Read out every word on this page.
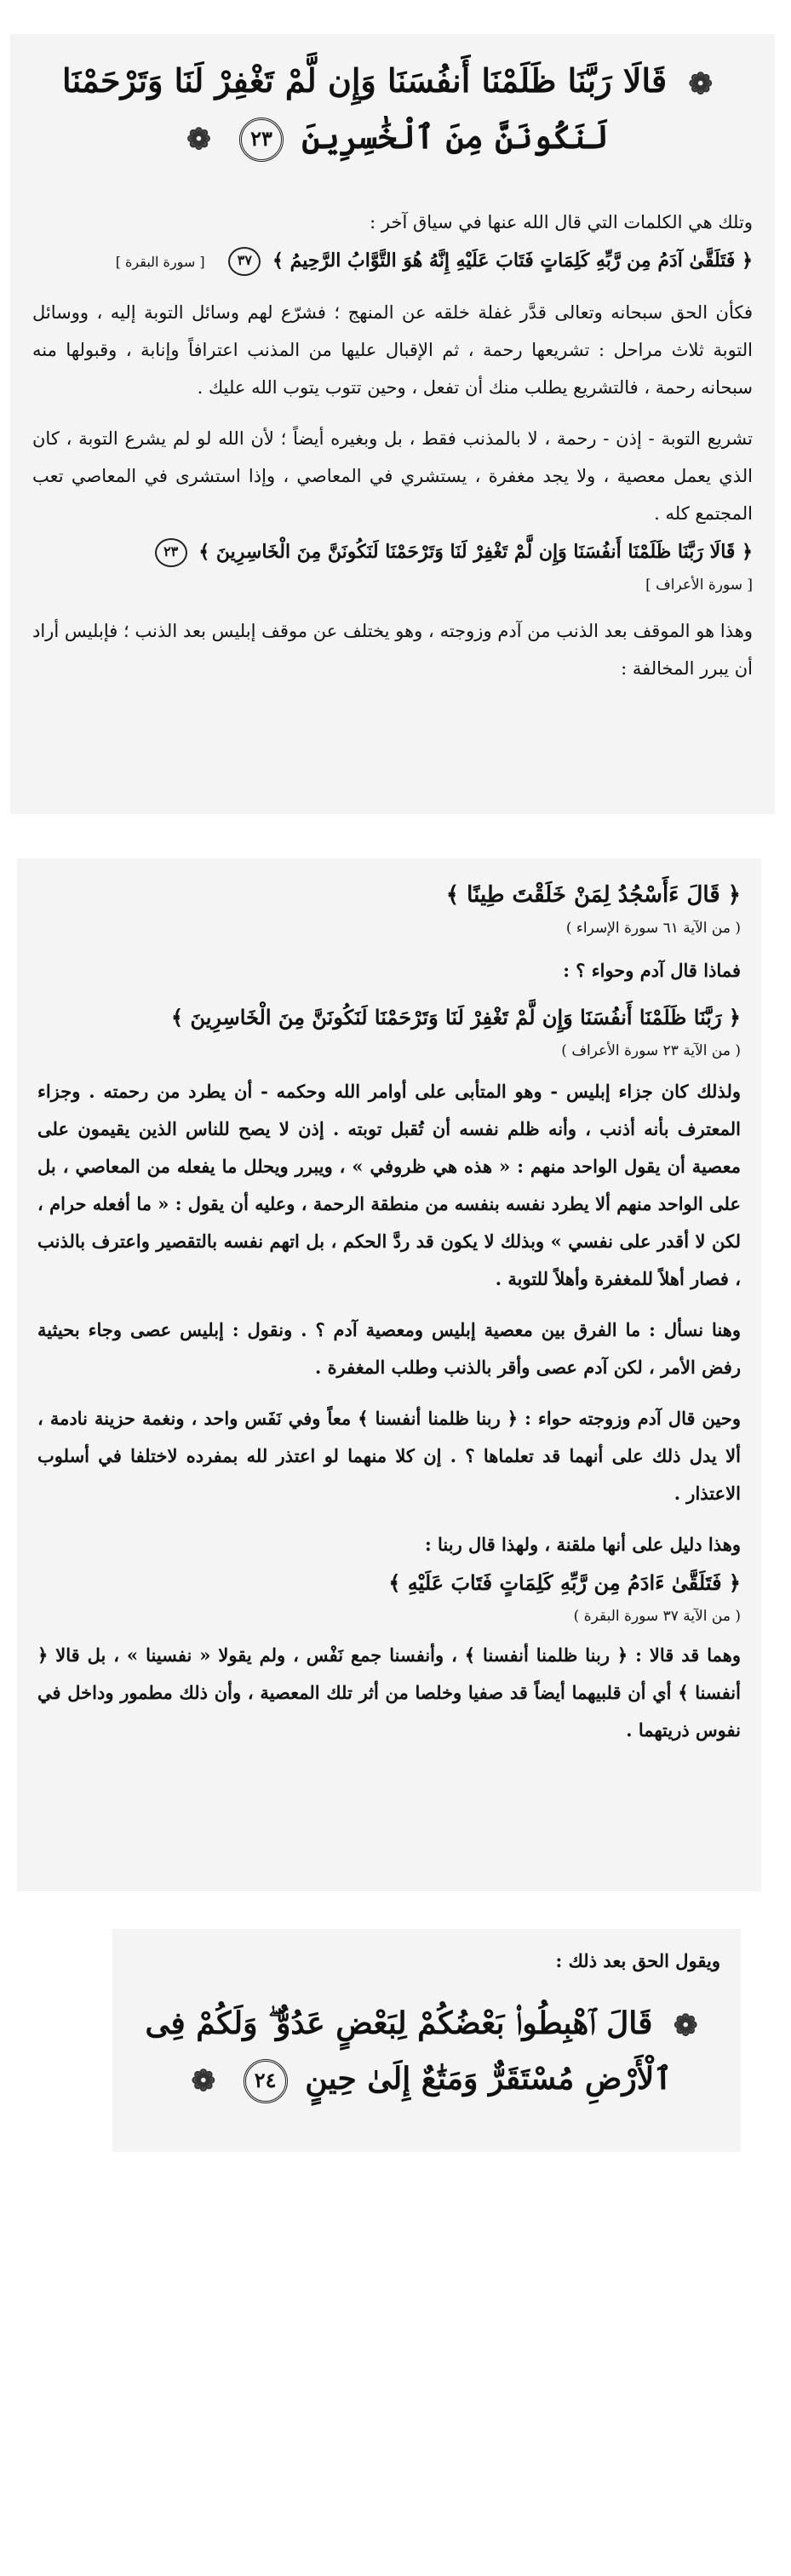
❁ قَالَا رَبَّنَا ظَلَمْنَا أَنفُسَنَا وَإِن لَّمْ تَغْفِرْ لَنَا وَتَرْحَمْنَا

لَنَكُونَنَّ مِنَ ٱلْخَٰسِرِينَ ٢٣ ❁

وتلك هي الكلمات التي قال الله عنها في سياق آخر :

﴿ فَتَلَقَّىٰ آدَمُ مِن رَّبِّهِ كَلِمَاتٍ فَتَابَ عَلَيْهِ إِنَّهُ هُوَ التَّوَّابُ الرَّحِيمُ ﴾ ٣٧ [ سورة البقرة ]

فكأن الحق سبحانه وتعالى قدَّر غفلة خلقه عن المنهج ؛ فشرّع لهم وسائل التوبة إليه ، ووسائل التوبة ثلاث مراحل : تشريعها رحمة ، ثم الإقبال عليها من المذنب اعترافاً وإنابة ، وقبولها منه سبحانه رحمة ، فالتشريع يطلب منك أن تفعل ، وحين تتوب يتوب الله عليك .

تشريع التوبة - إذن - رحمة ، لا بالمذنب فقط ، بل وبغيره أيضاً ؛ لأن الله لو لم يشرع التوبة ، كان الذي يعمل معصية ، ولا يجد مغفرة ، يستشري في المعاصي ، وإذا استشرى في المعاصي تعب المجتمع كله .

﴿ قَالَا رَبَّنَا ظَلَمْنَا أَنفُسَنَا وَإِن لَّمْ تَغْفِرْ لَنَا وَتَرْحَمْنَا لَنَكُونَنَّ مِنَ الْخَاسِرِينَ ﴾ ٢٣

[ سورة الأعراف ]

وهذا هو الموقف بعد الذنب من آدم وزوجته ، وهو يختلف عن موقف إبليس بعد الذنب ؛ فإبليس أراد أن يبرر المخالفة :

﴿ قَالَ ءَأَسْجُدُ لِمَنْ خَلَقْتَ طِينًا ﴾

( من الآية ٦١ سورة الإسراء )

فماذا قال آدم وحواء ؟ :

﴿ رَبَّنَا ظَلَمْنَا أَنفُسَنَا وَإِن لَّمْ تَغْفِرْ لَنَا وَتَرْحَمْنَا لَنَكُونَنَّ مِنَ الْخَاسِرِينَ ﴾

( من الآية ٢٣ سورة الأعراف )

ولذلك كان جزاء إبليس - وهو المتأبى على أوامر الله وحكمه - أن يطرد من رحمته . وجزاء المعترف بأنه أذنب ، وأنه ظلم نفسه أن تُقبل توبته . إذن لا يصح للناس الذين يقيمون على معصية أن يقول الواحد منهم : « هذه هي ظروفي » ، ويبرر ويحلل ما يفعله من المعاصي ، بل على الواحد منهم ألا يطرد نفسه بنفسه من منطقة الرحمة ، وعليه أن يقول : « ما أفعله حرام ، لكن لا أقدر على نفسي » وبذلك لا يكون قد ردَّ الحكم ، بل اتهم نفسه بالتقصير واعترف بالذنب ، فصار أهلاً للمغفرة وأهلاً للتوبة .

وهنا نسأل : ما الفرق بين معصية إبليس ومعصية آدم ؟ . ونقول : إبليس عصى وجاء بحيثية رفض الأمر ، لكن آدم عصى وأقر بالذنب وطلب المغفرة .

وحين قال آدم وزوجته حواء : ﴿ ربنا ظلمنا أنفسنا ﴾ معاً وفي نَفَس واحد ، ونغمة حزينة نادمة ، ألا يدل ذلك على أنهما قد تعلماها ؟ . إن كلا منهما لو اعتذر لله بمفرده لاختلفا في أسلوب الاعتذار .

وهذا دليل على أنها ملقنة ، ولهذا قال ربنا :

﴿ فَتَلَقَّىٰ ءَادَمُ مِن رَّبِّهِ كَلِمَاتٍ فَتَابَ عَلَيْهِ ﴾

( من الآية ٣٧ سورة البقرة )

وهما قد قالا : ﴿ ربنا ظلمنا أنفسنا ﴾ ، وأنفسنا جمع نَفْس ، ولم يقولا « نفسينا » ، بل قالا ﴿ أنفسنا ﴾ أي أن قلبيهما أيضاً قد صفيا وخلصا من أثر تلك المعصية ، وأن ذلك مطمور وداخل في نفوس ذريتهما .

ويقول الحق بعد ذلك :

❁ قَالَ ٱهْبِطُوا۟ بَعْضُكُمْ لِبَعْضٍ عَدُوٌّ ۖ وَلَكُمْ فِى

ٱلْأَرْضِ مُسْتَقَرٌّ وَمَتَٰعٌ إِلَىٰ حِينٍ ٢٤ ❁
